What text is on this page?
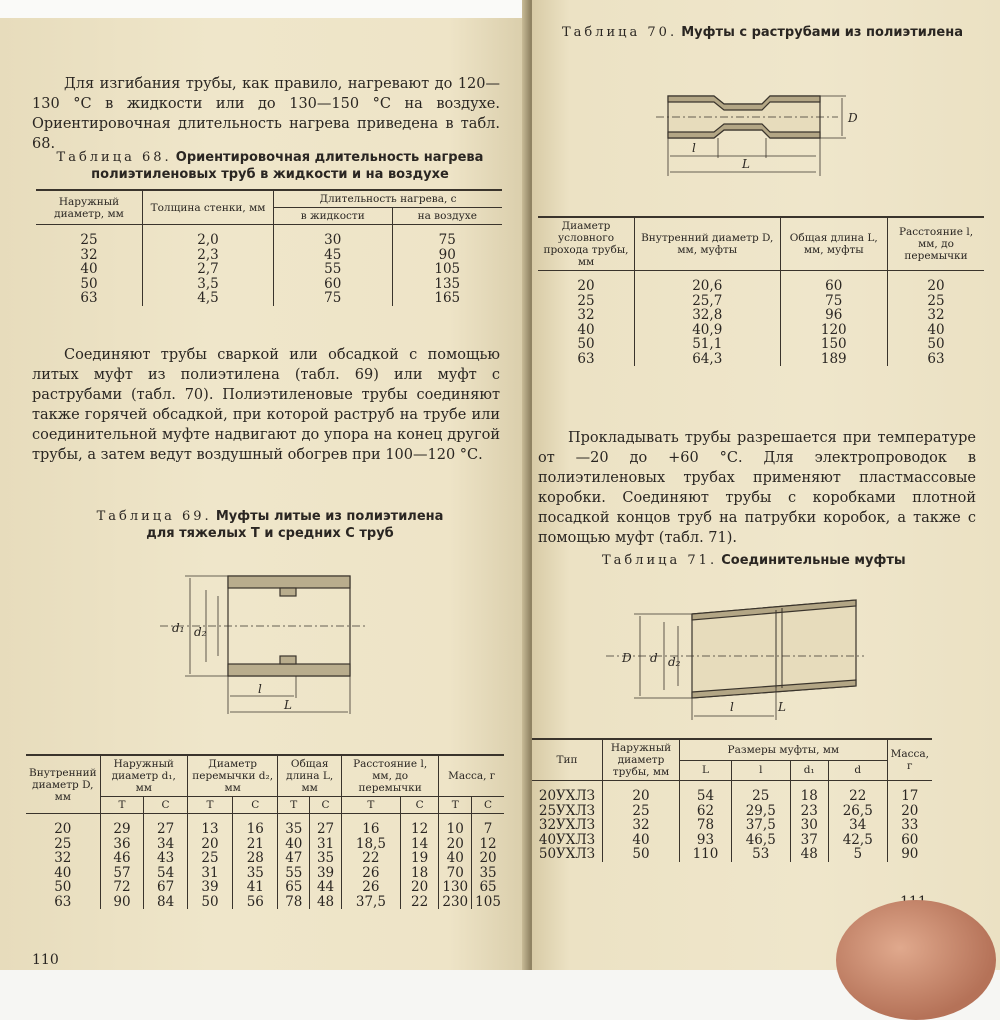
Для изгибания трубы, как правило, нагревают до 120—130 °С в жидкости или до 130—150 °С на воздухе. Ориентировочная длительность нагрева приведена в табл. 68.

Таблица 68. Ориентировочная длительность нагрева полиэтиленовых труб в жидкости и на воздухе
Наружный диаметр, мм	Толщина стенки, мм	Длительность нагрева, с	
		в жидкости	на воздухе
25	2,0	30	75
32	2,3	45	90
40	2,7	55	105
50	3,5	60	135
63	4,5	75	165

Соединяют трубы сваркой или обсадкой с помощью литых муфт из полиэтилена (табл. 69) или муфт с раструбами (табл. 70). Полиэтиленовые трубы соединяют также горячей обсадкой, при которой раструб на трубе или соединительной муфте надвигают до упора на конец другой трубы, а затем ведут воздушный обогрев при 100—120 °С.

Таблица 69. Муфты литые из полиэтилена для тяжелых Т и средних С труб
d₁ d₂
l
L
Внутренний диаметр D, мм	Наружный диаметр d₁, мм		Диаметр перемычки d₂, мм		Общая длина L, мм		Расстояние l, мм, до перемычки		Масса, г	
	Т	С	Т	С	Т	С	Т	С	Т	С
20	29	27	13	16	35	27	16	12	10	7
25	36	34	20	21	40	31	18,5	14	20	12
32	46	43	25	28	47	35	22	19	40	20
40	57	54	31	35	55	39	26	18	70	35
50	72	67	39	41	65	44	26	20	130	65
63	90	84	50	56	78	48	37,5	22	230	105
110
Таблица 70. Муфты с раструбами из полиэтилена
D
L
l
Диаметр условного прохода трубы, мм	Внутренний диаметр D, мм, муфты	Общая длина L, мм, муфты	Расстояние l, мм, до перемычки
20	20,6	60	20
25	25,7	75	25
32	32,8	96	32
40	40,9	120	40
50	51,1	150	50
63	64,3	189	63

Прокладывать трубы разрешается при температуре от —20 до +60 °С. Для электропроводок в полиэтиленовых трубах применяют пластмассовые коробки. Соединяют трубы с коробками плотной посадкой концов труб на патрубки коробок, а также с помощью муфт (табл. 71).

Таблица 71. Соединительные муфты
D d d₂
l	L
Тип	Наружный диаметр трубы, мм	Размеры муфты, мм				Масса, г
		L	l	d₁	d	
20УХЛЗ	20	54	25	18	22	17
25УХЛЗ	25	62	29,5	23	26,5	20
32УХЛЗ	32	78	37,5	30	34	33
40УХЛЗ	40	93	46,5	37	42,5	60
50УХЛЗ	50	110	53	48	5	90
